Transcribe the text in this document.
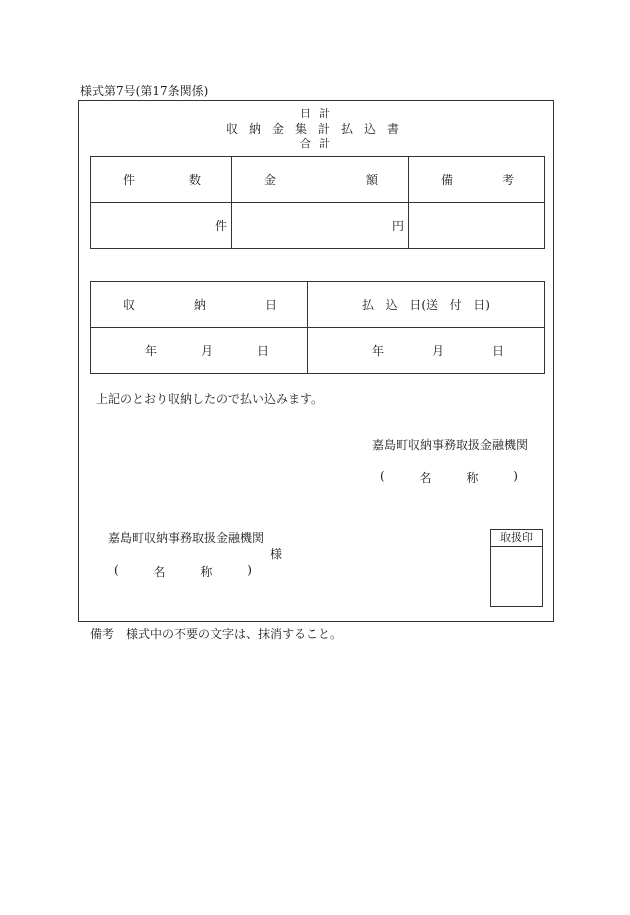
様式第7号(第17条関係)
日計
収納金集計払込書
合計
件 数	金 額	備 考

件	円	
収 納 日	払 込 日(送 付 日)

年 月 日	年 月 日
上記のとおり収納したので払い込みます。
嘉島町収納事務取扱金融機関
(	名	称	)
嘉島町収納事務取扱金融機関
様
(	名	称	)
取扱印
備考　様式中の不要の文字は、抹消すること。
